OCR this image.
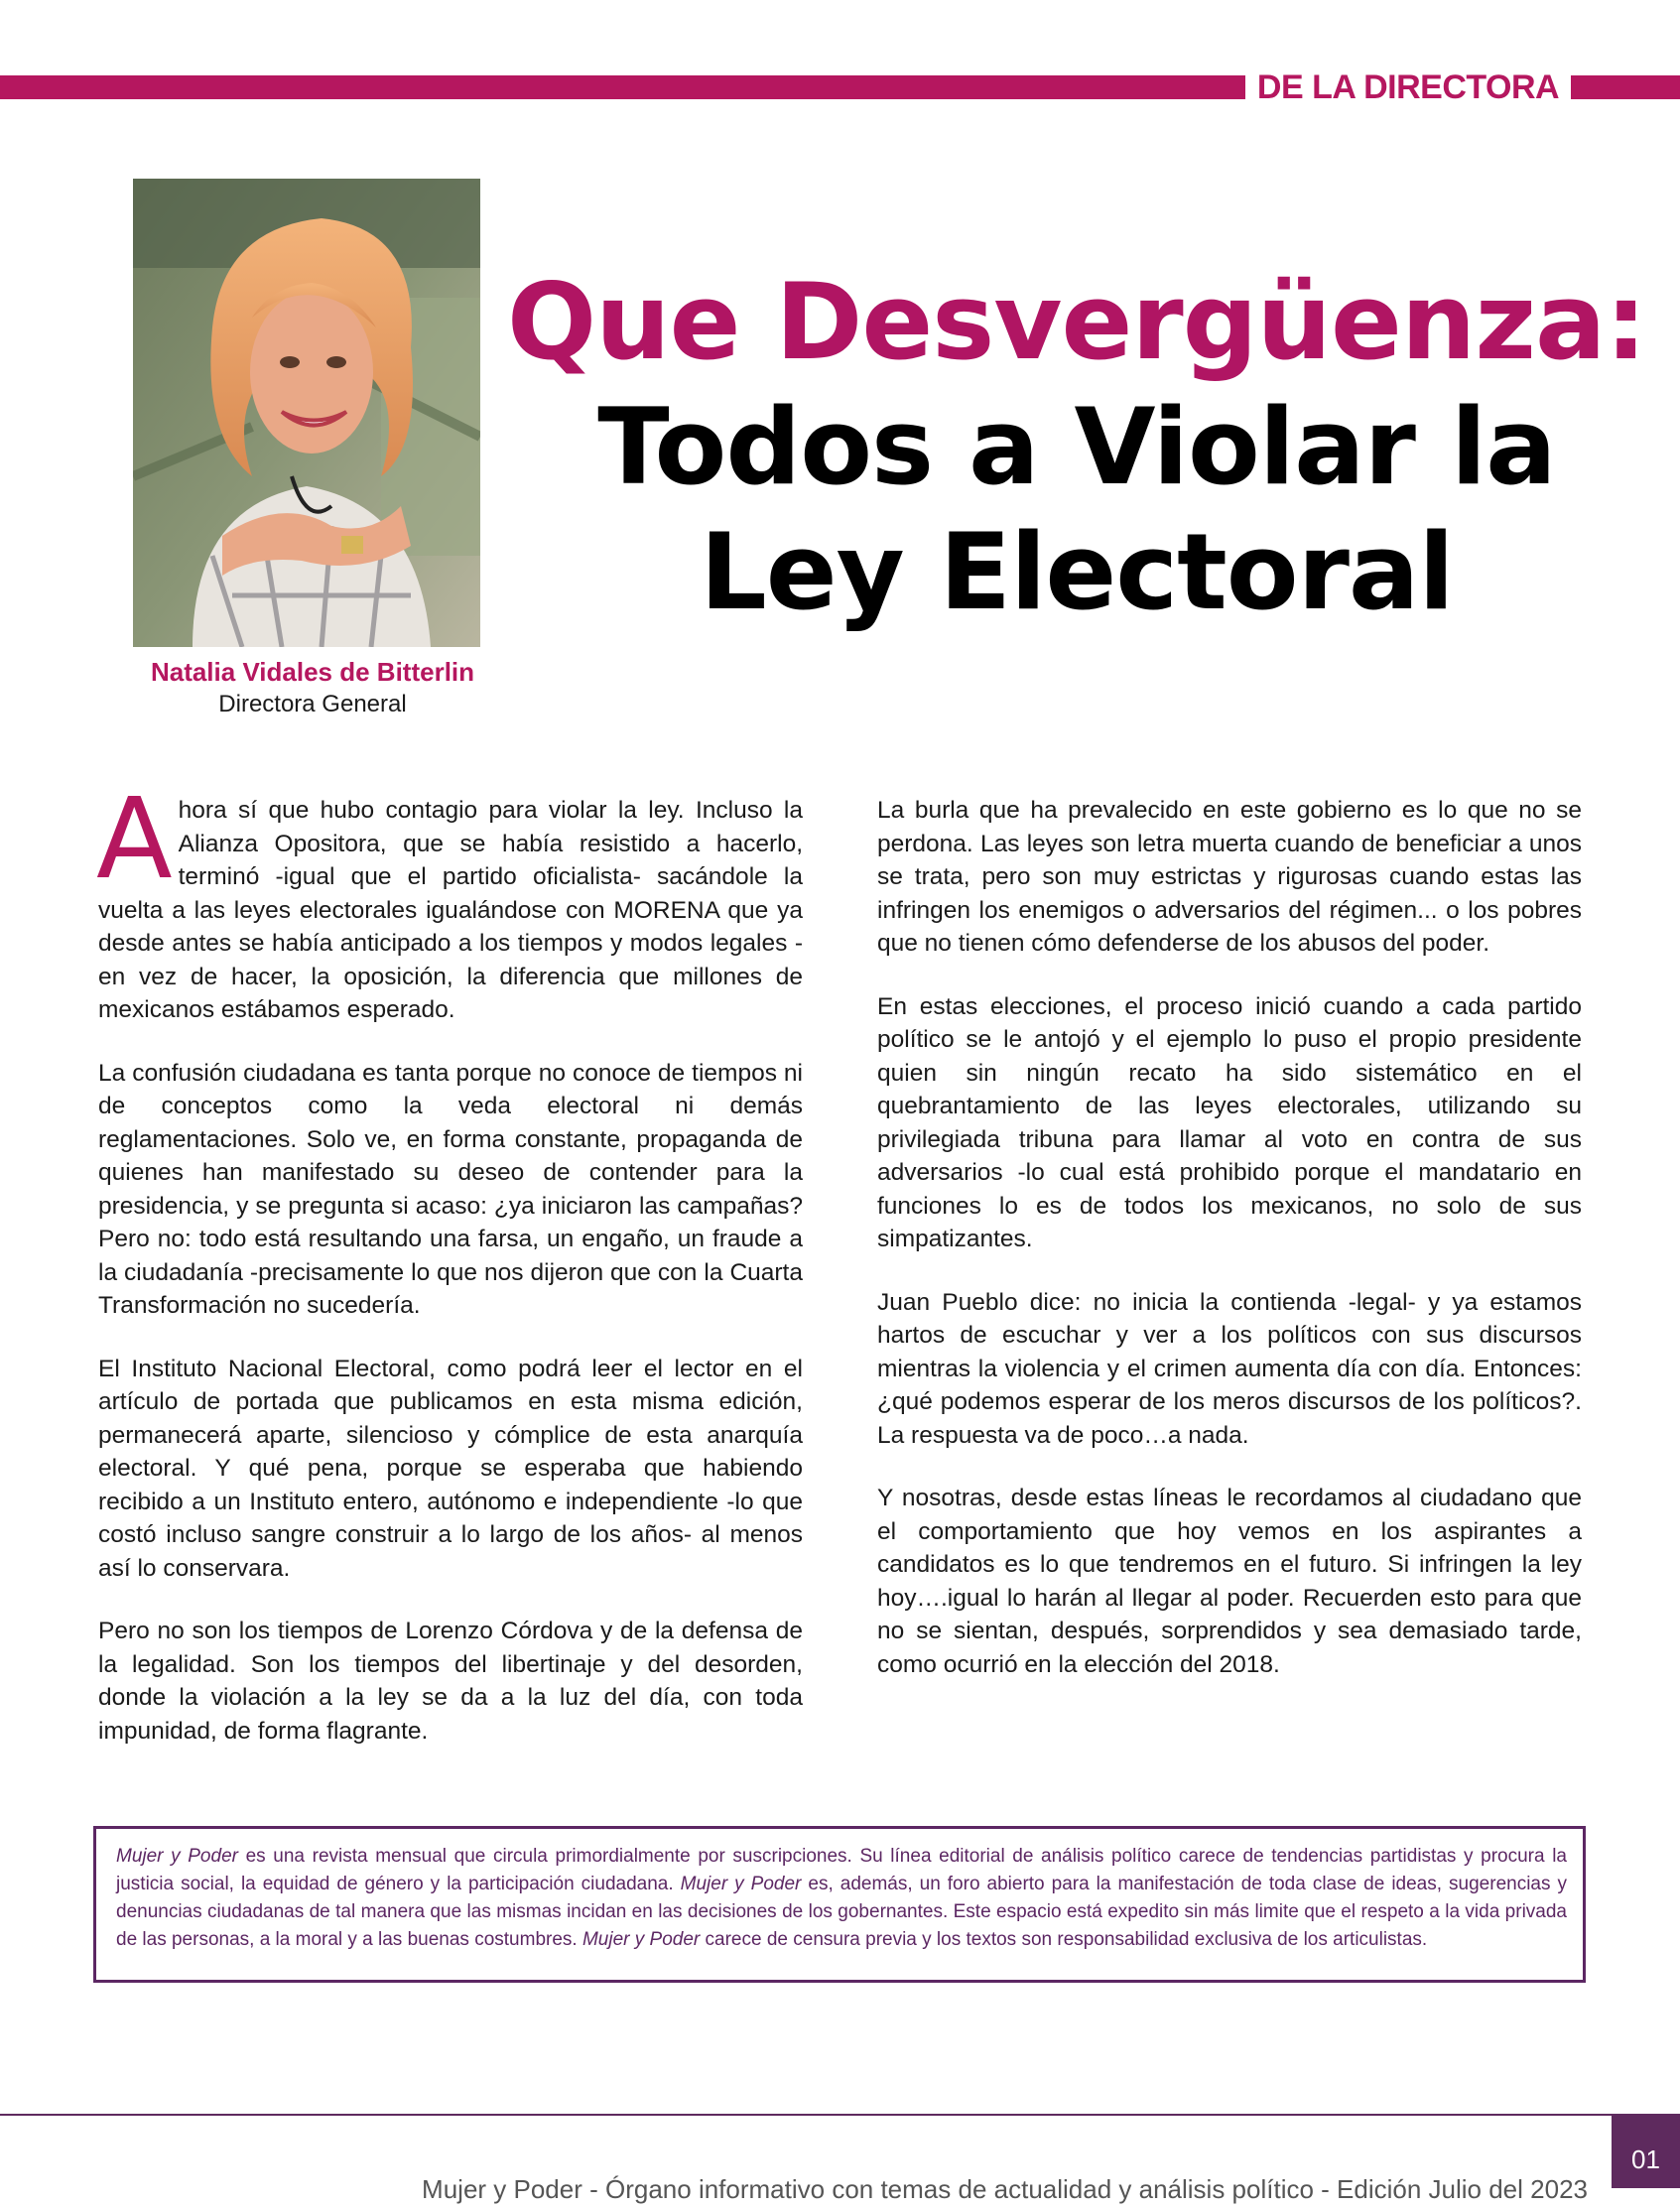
DE LA DIRECTORA
Natalia Vidales de Bitterlin
Directora General
Que Desvergüenza:
Todos a Violar la
Ley Electoral

Ahora sí que hubo contagio para violar la ley. Incluso la Alianza Opositora, que se había resistido a hacerlo, terminó -igual que el partido oficialista- sacándole la vuelta a las leyes electorales igualándose con MORENA que ya desde antes se había anticipado a los tiempos y modos legales -en vez de hacer, la oposición, la diferencia que millones de mexicanos estábamos esperado.

La confusión ciudadana es tanta porque no conoce de tiempos ni de conceptos como la veda electoral ni demás reglamentaciones. Solo ve, en forma constante, propaganda de quienes han manifestado su deseo de contender para la presidencia, y se pregunta si acaso: ¿ya iniciaron las campañas? Pero no: todo está resultando una farsa, un engaño, un fraude a la ciudadanía -precisamente lo que nos dijeron que con la Cuarta Transformación no sucedería.

El Instituto Nacional Electoral, como podrá leer el lector en el artículo de portada que publicamos en esta misma edición, permanecerá aparte, silencioso y cómplice de esta anarquía electoral. Y qué pena, porque se esperaba que habiendo recibido a un Instituto entero, autónomo e independiente -lo que costó incluso sangre construir a lo largo de los años- al menos así lo conservara.

Pero no son los tiempos de Lorenzo Córdova y de la defensa de la legalidad. Son los tiempos del libertinaje y del desorden, donde la violación a la ley se da a la luz del día, con toda impunidad, de forma flagrante.

La burla que ha prevalecido en este gobierno es lo que no se perdona. Las leyes son letra muerta cuando de beneficiar a unos se trata, pero son muy estrictas y rigurosas cuando estas las infringen los enemigos o adversarios del régimen... o los pobres que no tienen cómo defenderse de los abusos del poder.

En estas elecciones, el proceso inició cuando a cada partido político se le antojó y el ejemplo lo puso el propio presidente quien sin ningún recato ha sido sistemático en el quebrantamiento de las leyes electorales, utilizando su privilegiada tribuna para llamar al voto en contra de sus adversarios -lo cual está prohibido porque el mandatario en funciones lo es de todos los mexicanos, no solo de sus simpatizantes.

Juan Pueblo dice: no inicia la contienda -legal- y ya estamos hartos de escuchar y ver a los políticos con sus discursos mientras la violencia y el crimen aumenta día con día. Entonces: ¿qué podemos esperar de los meros discursos de los políticos?. La respuesta va de poco…a nada.

Y nosotras, desde estas líneas le recordamos al ciudadano que el comportamiento que hoy vemos en los aspirantes a candidatos es lo que tendremos en el futuro. Si infringen la ley hoy….igual lo harán al llegar al poder. Recuerden esto para que no se sientan, después, sorprendidos y sea demasiado tarde, como ocurrió en la elección del 2018.

Mujer y Poder es una revista mensual que circula primordialmente por suscripciones. Su línea editorial de análisis político carece de tendencias partidistas y procura la justicia social, la equidad de género y la participación ciudadana. Mujer y Poder es, además, un foro abierto para la manifestación de toda clase de ideas, sugerencias y denuncias ciudadanas de tal manera que las mismas incidan en las decisiones de los gobernantes. Este espacio está expedito sin más limite que el respeto a la vida privada de las personas, a la moral y a las buenas costumbres. Mujer y Poder carece de censura previa y los textos son responsabilidad exclusiva de los articulistas.
Mujer y Poder - Órgano informativo con temas de actualidad y análisis político - Edición Julio del 2023
01
